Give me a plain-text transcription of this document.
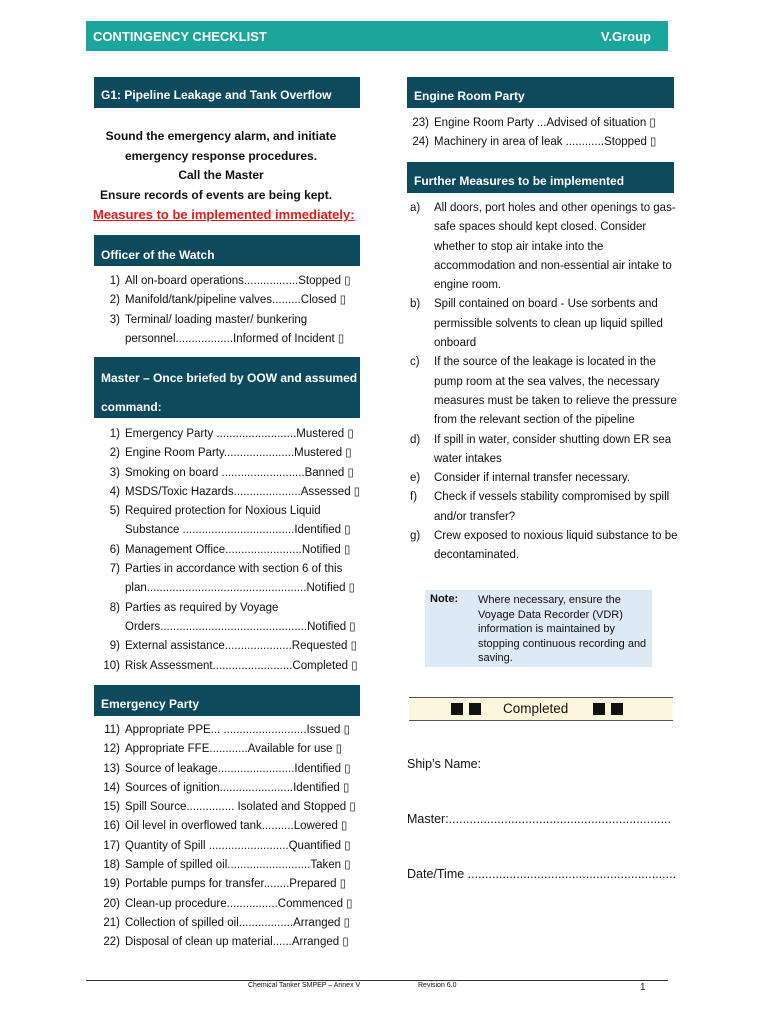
CONTINGENCY CHECKLIST	V.Group
G1: Pipeline Leakage and Tank Overflow
Sound the emergency alarm, and initiate
emergency response procedures.
Call the Master
Ensure records of events are being kept.
Measures to be implemented immediately:
Officer of the Watch
1) All on-board operations.................Stopped ▯
2) Manifold/tank/pipeline valves.........Closed ▯
3) Terminal/ loading master/ bunkering
personnel..................Informed of Incident ▯
Master – Once briefed by OOW and assumed
command:
1) Emergency Party .........................Mustered ▯
2) Engine Room Party......................Mustered ▯
3) Smoking on board ..........................Banned ▯
4) MSDS/Toxic Hazards.....................Assessed ▯
5) Required protection for Noxious Liquid
Substance ...................................Identified ▯
6) Management Office........................Notified ▯
7) Parties in accordance with section 6 of this
plan..................................................Notified ▯
8) Parties as required by Voyage
Orders..............................................Notified ▯
9) External assistance.....................Requested ▯
10) Risk Assessment.........................Completed ▯
Emergency Party
11) Appropriate PPE... ..........................Issued ▯
12) Appropriate FFE............Available for use ▯
13) Source of leakage........................Identified ▯
14) Sources of ignition.......................Identified ▯
15) Spill Source............... Isolated and Stopped ▯
16) Oil level in overflowed tank..........Lowered ▯
17) Quantity of Spill .........................Quantified ▯
18) Sample of spilled oil..........................Taken ▯
19) Portable pumps for transfer........Prepared ▯
20) Clean-up procedure................Commenced ▯
21) Collection of spilled oil.................Arranged ▯
22) Disposal of clean up material......Arranged ▯
Engine Room Party
23) Engine Room Party ...Advised of situation ▯
24) Machinery in area of leak ............Stopped ▯
Further Measures to be implemented
a) All doors, port holes and other openings to gas-safe spaces should kept closed. Consider whether to stop air intake into the accommodation and non-essential air intake to engine room.
b) Spill contained on board - Use sorbents and permissible solvents to clean up liquid spilled onboard
c) If the source of the leakage is located in the pump room at the sea valves, the necessary measures must be taken to relieve the pressure from the relevant section of the pipeline
d) If spill in water, consider shutting down ER sea water intakes
e) Consider if internal transfer necessary.
f) Check if vessels stability compromised by spill and/or transfer?
g) Crew exposed to noxious liquid substance to be decontaminated.
Note: Where necessary, ensure the Voyage Data Recorder (VDR) information is maintained by stopping continuous recording and saving.
Completed
Ship’s Name:
Master:................................................................
Date/Time ............................................................
Chemical Tanker SMPEP – Annex V	Revision 6.0	1
